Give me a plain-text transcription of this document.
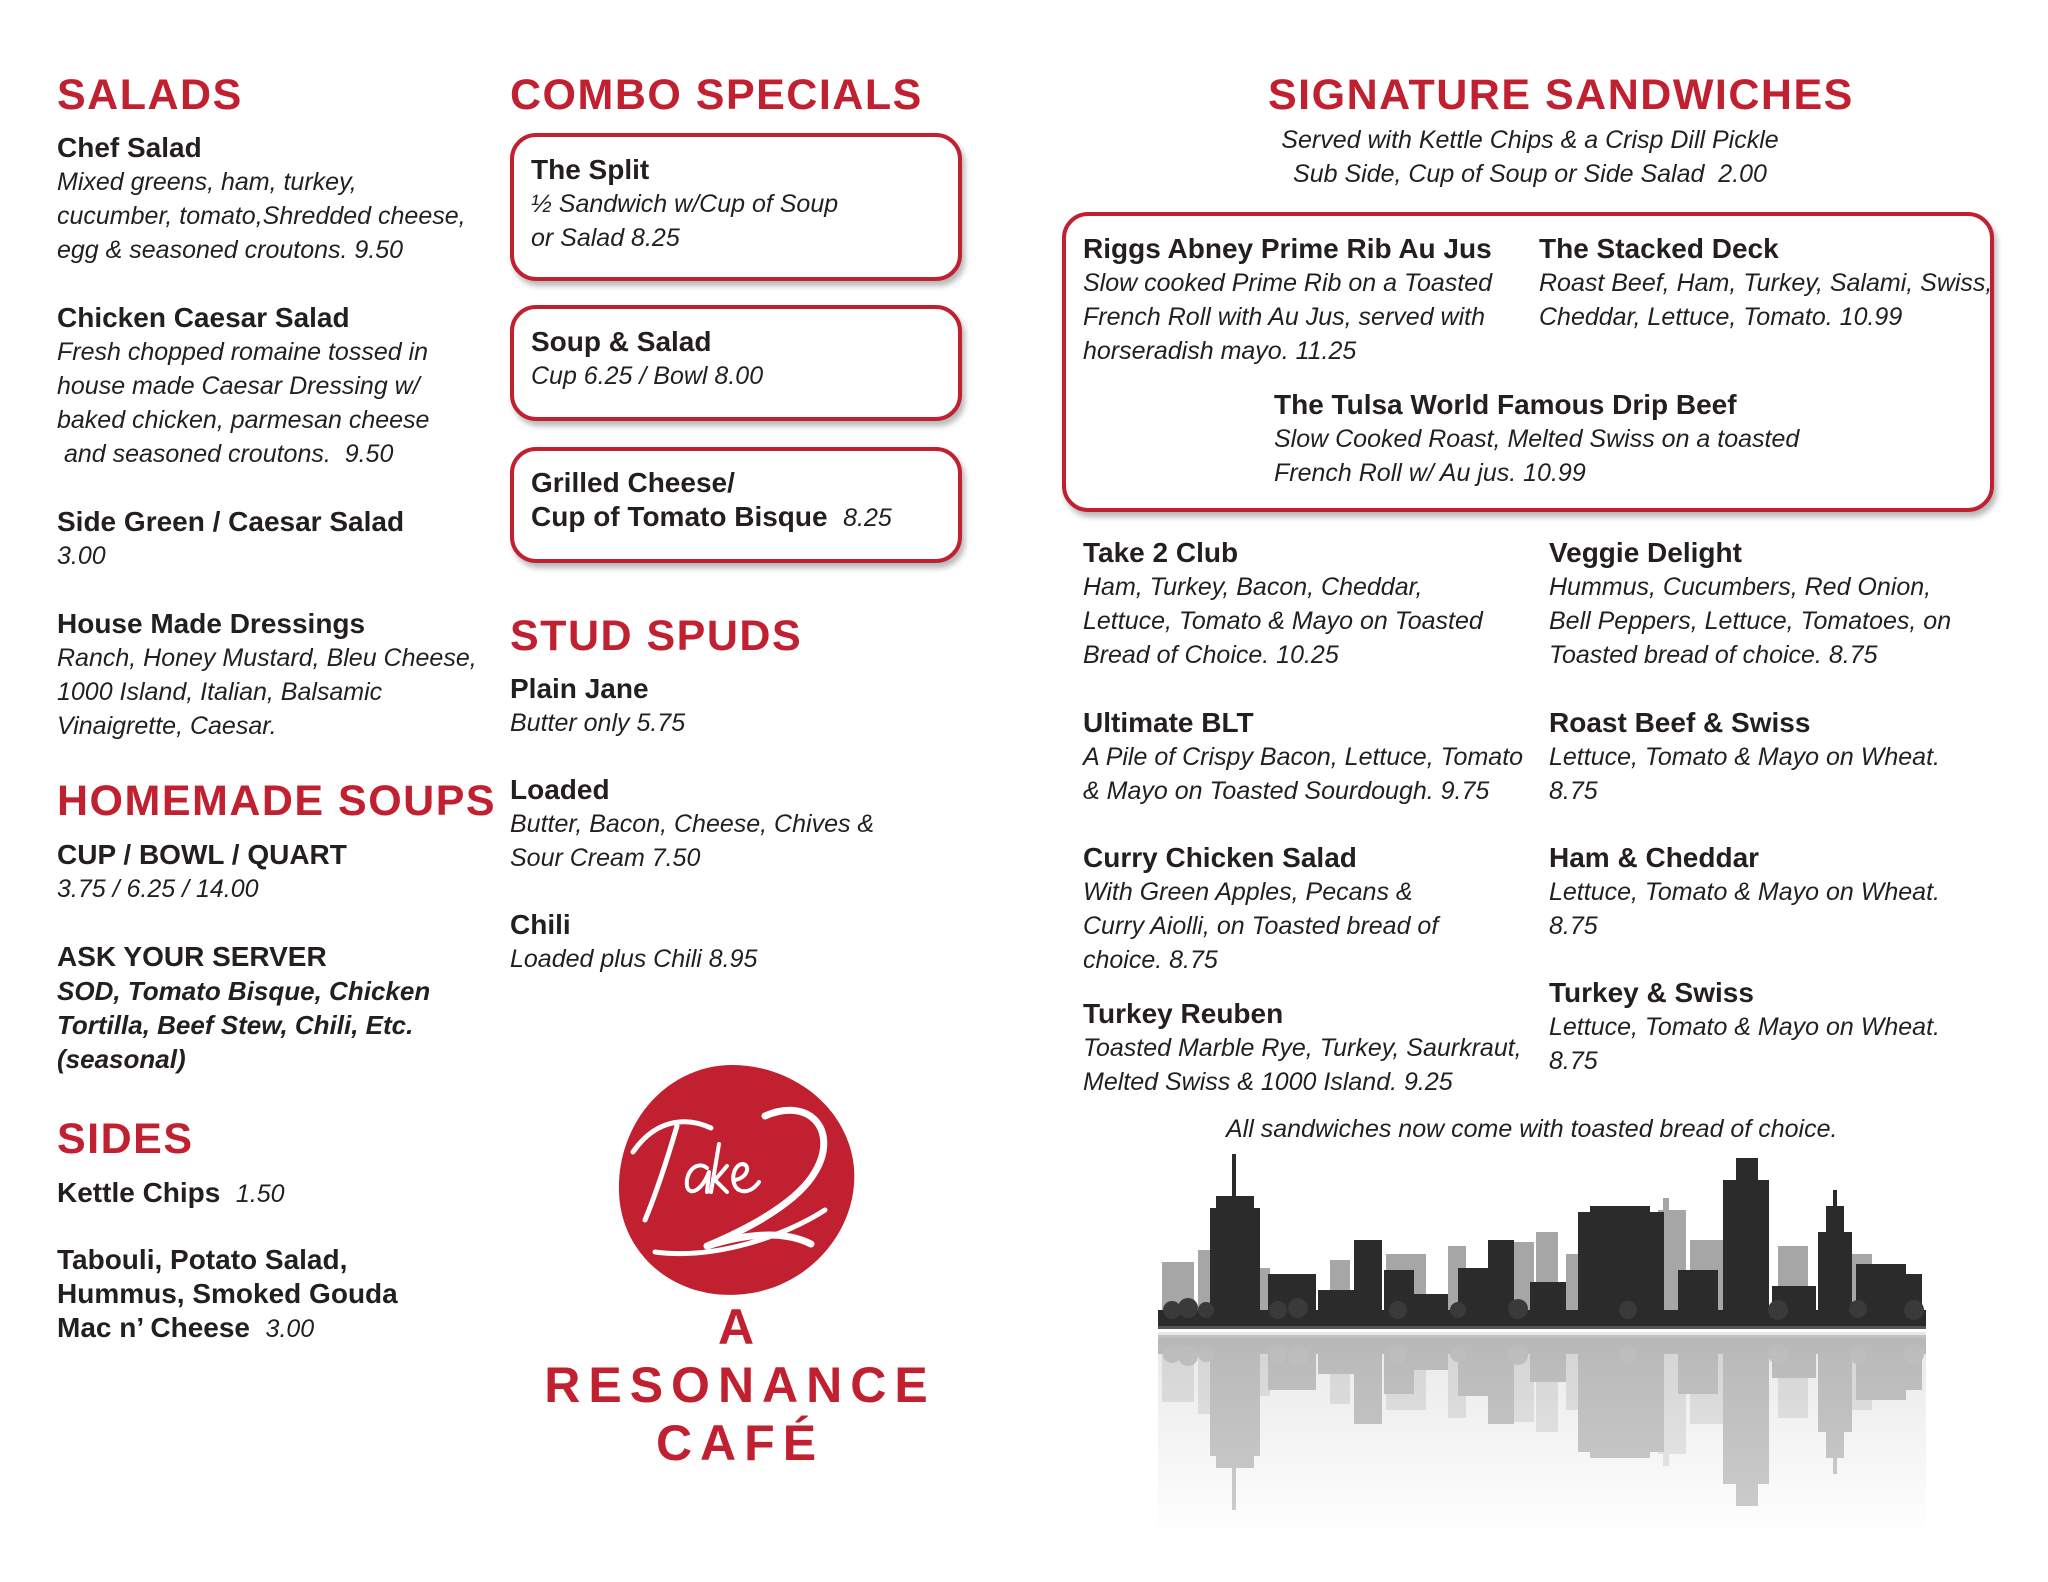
SALADS
Chef Salad
Mixed greens, ham, turkey,
cucumber, tomato,Shredded cheese,
egg & seasoned croutons. 9.50
Chicken Caesar Salad
Fresh chopped romaine tossed in
house made Caesar Dressing w/
baked chicken, parmesan cheese
and seasoned croutons.  9.50
Side Green / Caesar Salad
3.00
House Made Dressings
Ranch, Honey Mustard, Bleu Cheese,
1000 Island, Italian, Balsamic
Vinaigrette, Caesar.
HOMEMADE SOUPS
CUP / BOWL / QUART
3.75 / 6.25 / 14.00
ASK YOUR SERVER
SOD, Tomato Bisque, Chicken
Tortilla, Beef Stew, Chili, Etc.
(seasonal)
SIDES
Kettle Chips 1.50
Tabouli, Potato Salad,
Hummus, Smoked Gouda
Mac n’ Cheese 3.00
COMBO SPECIALS
The Split
½ Sandwich w/Cup of Soup
or Salad 8.25
Soup & Salad
Cup 6.25 / Bowl 8.00
Grilled Cheese/
Cup of Tomato Bisque 8.25
STUD SPUDS
Plain Jane
Butter only 5.75
Loaded
Butter, Bacon, Cheese, Chives &
Sour Cream 7.50
Chili
Loaded plus Chili 8.95
A
RESONANCE
CAFÉ
SIGNATURE SANDWICHES
Served with Kettle Chips & a Crisp Dill Pickle
Sub Side, Cup of Soup or Side Salad  2.00
Riggs Abney Prime Rib Au Jus
Slow cooked Prime Rib on a Toasted
French Roll with Au Jus, served with
horseradish mayo. 11.25
The Stacked Deck
Roast Beef, Ham, Turkey, Salami, Swiss,
Cheddar, Lettuce, Tomato. 10.99
The Tulsa World Famous Drip Beef
Slow Cooked Roast, Melted Swiss on a toasted
French Roll w/ Au jus. 10.99
Take 2 Club
Ham, Turkey, Bacon, Cheddar,
Lettuce, Tomato & Mayo on Toasted
Bread of Choice. 10.25
Ultimate BLT
A Pile of Crispy Bacon, Lettuce, Tomato
& Mayo on Toasted Sourdough. 9.75
Curry Chicken Salad
With Green Apples, Pecans &
Curry Aiolli, on Toasted bread of
choice. 8.75
Turkey Reuben
Toasted Marble Rye, Turkey, Saurkraut,
Melted Swiss & 1000 Island. 9.25
Veggie Delight
Hummus, Cucumbers, Red Onion,
Bell Peppers, Lettuce, Tomatoes, on
Toasted bread of choice. 8.75
Roast Beef & Swiss
Lettuce, Tomato & Mayo on Wheat.
8.75
Ham & Cheddar
Lettuce, Tomato & Mayo on Wheat.
8.75
Turkey & Swiss
Lettuce, Tomato & Mayo on Wheat.
8.75
All sandwiches now come with toasted bread of choice.
